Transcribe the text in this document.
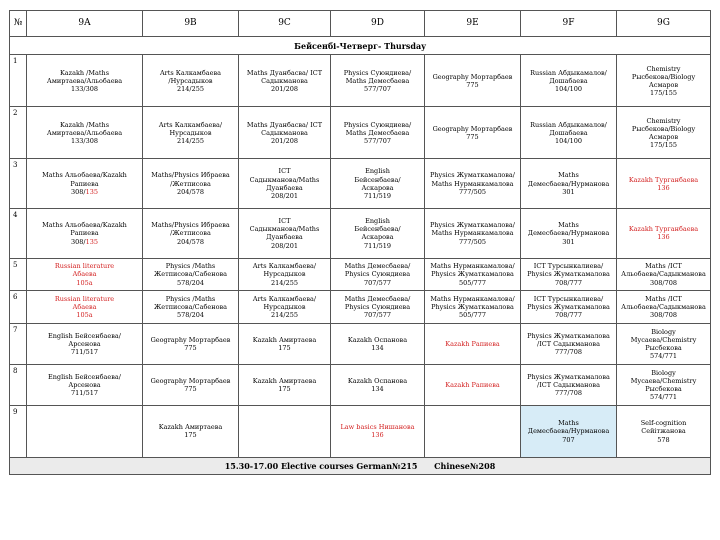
№	9A	9B	9C	9D	9E	9F	9G
Бейсенбі-Четверг- Thursday							
1	Kazakh /Maths
Амиртаева/Альобаева
133/308	Arts Калкамбаева
/Нурсадыков
214/255	Maths Дуанбасва/ ICT
Садыкманова
201/208	Physics Суюндиева/
Maths Демесбаева
577/707	Geography Мортарбаев
775	Russian Абдыкамалов/
Дошабаева
104/100	Chemistry
Рысбекова/Biology
Асмаров
175/155

2	Kazakh /Maths
Амиртаева/Альобаева
133/308	Arts Калкамбаева/
Нурсадыков
214/255	Maths Дуанбасва/ ICT
Садыкманова
201/208	Physics Суюндиева/
Maths Демесбаева
577/707	Geography Мортарбаев
775	Russian Абдыкамалов/
Дошабаева
104/100	Chemistry
Рысбекова/Biology
Асмаров
175/155

3	Maths Альобаева/Kazakh
Рапиева
308/135	Maths/Physics Ибраева
/Жетписова
204/578	ICT
Садыкманова/Maths
Дуанбаева
208/201	English
Бейсенбаева/
Аскарова
711/519	Physics Жуматкамалова/
Maths Нурманкамалова
777/505	Maths
Демесбаева/Нурманова
301	Kazakh Турганбаева
136

4	Maths Альобаева/Kazakh
Рапиева
308/135	Maths/Physics Ибраева
/Жетписова
204/578	ICT
Садыкманова/Maths
Дуанбаева
208/201	English
Бейсенбаева/
Аскарова
711/519	Physics Жуматкамалова/
Maths Нурманкамалова
777/505	Maths
Демесбаева/Нурманова
301	Kazakh Турганбаева
136

5	Russian literature
Абаева
105а	Physics /Maths
Жетписова/Сабенова
578/204	Arts Калкамбаева/
Нурсадыков
214/255	Maths Демесбаева/
Physics Суюндиева
707/577	Maths Нурманкамалова/
Physics Жуматкамалова
505/777	ICT Турсынкалиева/
Physics Жуматкамалова
708/777	Maths /ICT
Альобаева/Садыкманова
308/708

6	Russian literature
Абаева
105а	Physics /Maths
Жетписова/Сабенова
578/204	Arts Калкамбаева/
Нурсадыков
214/255	Maths Демесбаева/
Physics Суюндиева
707/577	Maths Нурманкамалова/
Physics Жуматкамалова
505/777	ICT Турсынкалиева/
Physics Жуматкамалова
708/777	Maths /ICT
Альобаева/Садыкманова
308/708

7	English Бейсенбаева/
Арсенова
711/517	Geography Мортарбаев
775	Kazakh Амиртаева
175	Kazakh Оспанова
134	Kazakh Рапиева	Physics Жуматкамалова
/ICT Садыкманова
777/708	Biology
Мусаева/Chemistry
Рысбекова
574/771

8	English Бейсенбаева/
Арсенова
711/517	Geography Мортарбаев
775	Kazakh Амиртаева
175	Kazakh Оспанова
134	Kazakh Рапиева	Physics Жуматкамалова
/ICT Садыкманова
777/708	Biology
Мусаева/Chemistry
Рысбекова
574/771

9		Kazakh Амиртаева
175		Law basics Нишанова
136		Maths
Демесбаева/Нурманова
707	Self-cognition
Сейітжанова
578

15.30-17.00 Elective courses German№215 Chinese№208							
